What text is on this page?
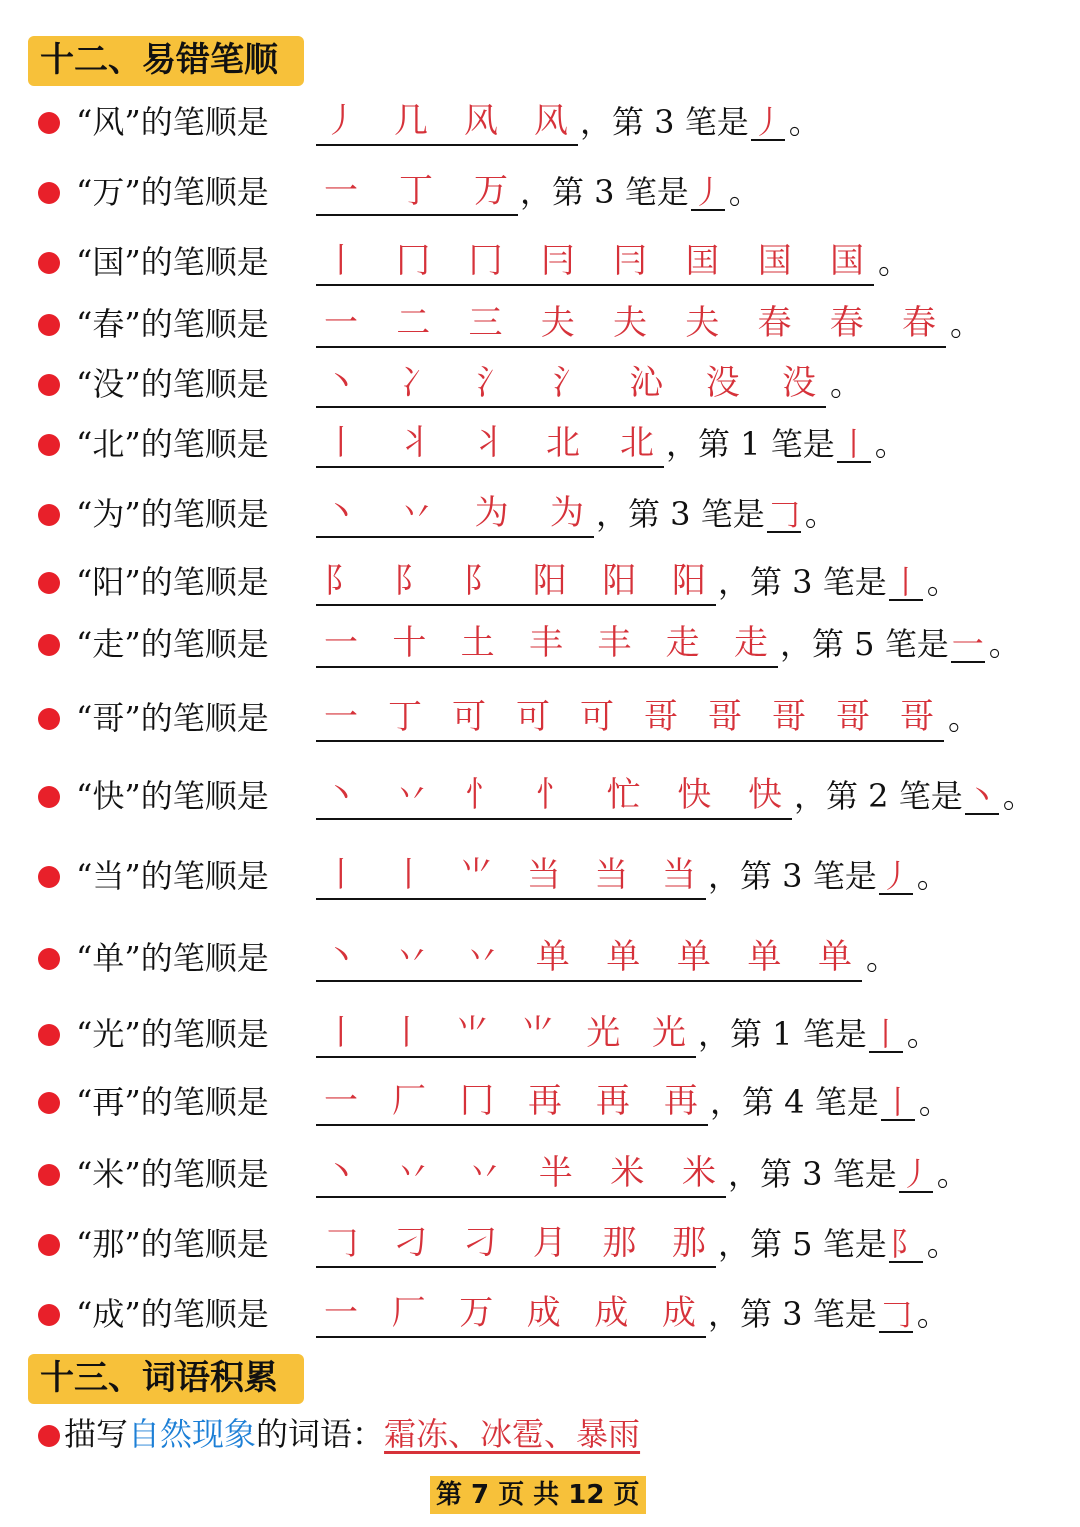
十二、易错笔顺
“风”的笔顺是 丿 几 风 风 ，第 3 笔是丿 。
“万”的笔顺是 一 丁 万 ，第 3 笔是丿 。
“国”的笔顺是 丨 冂 冂 冃 冃 囯 国 国 。
“春”的笔顺是 一 二 三 夫 夫 夫 春 春 春 。
“没”的笔顺是 丶 冫 氵 氵 沁 没 没 。
“北”的笔顺是 丨 丬 丬 北 北 ，第 1 笔是丨 。
“为”的笔顺是 丶 丷 为 为 ，第 3 笔是𠃌 。
“阳”的笔顺是 阝 阝 阝 阳 阳 阳 ，第 3 笔是丨 。
“走”的笔顺是 一 十 土 丰 丰 走 走 ，第 5 笔是一 。
“哥”的笔顺是 一 丁 可 可 可 哥 哥 哥 哥 哥 。
“快”的笔顺是 丶 丷 忄 忄 忙 快 快 ，第 2 笔是丶 。
“当”的笔顺是 丨 丨 ⺌ 当 当 当 ，第 3 笔是丿 。
“单”的笔顺是 丶 丷 丷 单 单 单 单 单 。
“光”的笔顺是 丨 丨 ⺌ ⺌ 光 光 ，第 1 笔是丨 。
“再”的笔顺是 一 厂 冂 再 再 再 ，第 4 笔是丨 。
“米”的笔顺是 丶 丷 丷 半 米 米 ，第 3 笔是丿 。
“那”的笔顺是 𠃌 刁 刁 月 那 那 ，第 5 笔是阝 。
“成”的笔顺是 一 厂 万 成 成 成 ，第 3 笔是𠃌 。
十三、词语积累
描写自然现象的词语：霜冻、冰雹、暴雨
第 7 页 共 12 页
